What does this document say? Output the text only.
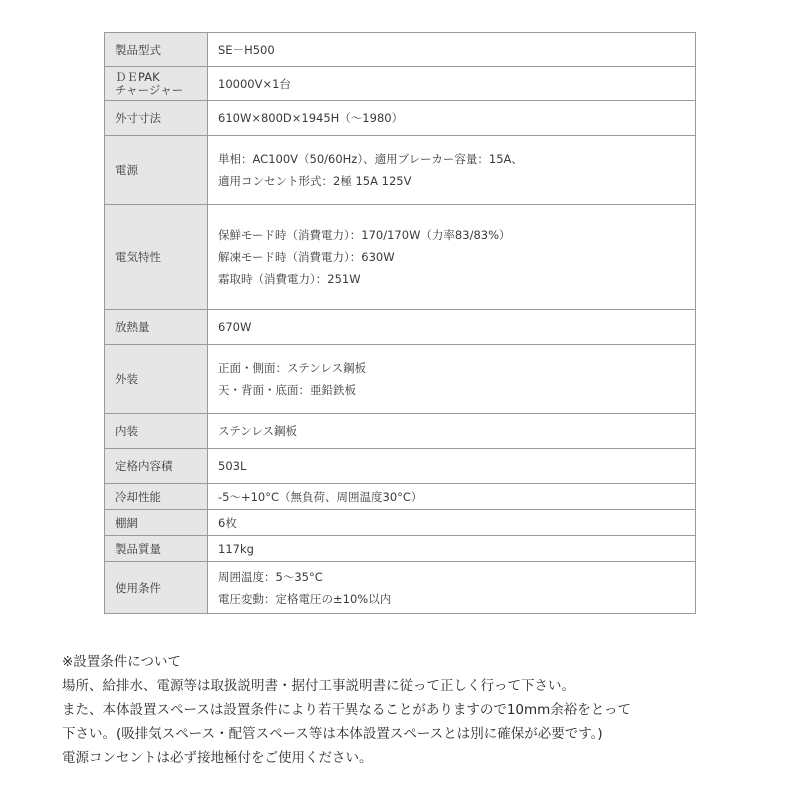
製品型式	SE－H500

ＤＥPAK
チャージャー	10000V×1台

外寸寸法	610W×800D×1945H（～1980）

電源	単相：AC100V（50/60Hz）、適用ブレーカー容量：15A、
適用コンセント形式：2極 15A 125V

電気特性	保鮮モード時（消費電力）：170/170W（力率83/83%）
解凍モード時（消費電力）：630W
霜取時（消費電力）：251W

放熱量	670W

外装	正面・側面：ステンレス鋼板
天・背面・底面：亜鉛鉄板

内装	ステンレス鋼板

定格内容積	503L

冷却性能	-5～+10°C（無負荷、周囲温度30°C）

棚網	6枚

製品質量	117kg

使用条件	周囲温度：5～35°C
電圧変動：定格電圧の±10%以内
※設置条件について
場所、給排水、電源等は取扱説明書・据付工事説明書に従って正しく行って下さい。
また、本体設置スペースは設置条件により若干異なることがありますので10mm余裕をとって
下さい。(吸排気スペース・配管スペース等は本体設置スペースとは別に確保が必要です。)
電源コンセントは必ず接地極付をご使用ください。
